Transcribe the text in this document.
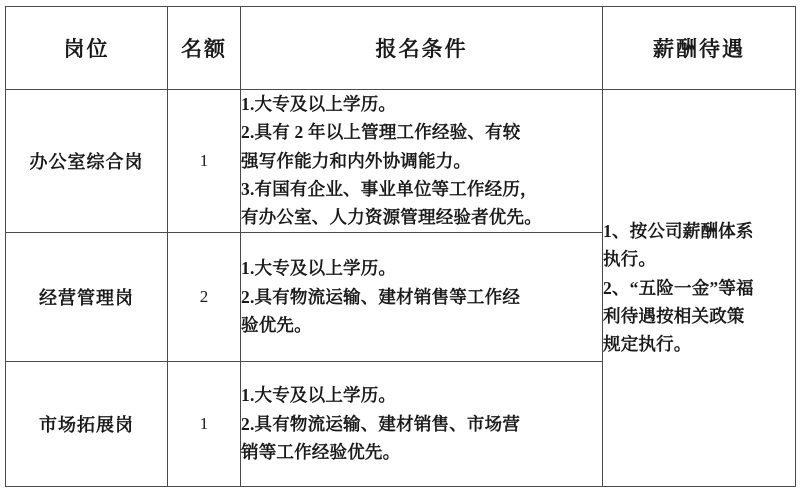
岗位	名额	报名条件	薪酬待遇
办公室综合岗	1	1.大专及以上学历。
2.具有 2 年以上管理工作经验、有较
强写作能力和内外协调能力。
3.有国有企业、事业单位等工作经历，
有办公室、人力资源管理经验者优先。	1、按公司薪酬体系
执行。
2、“五险一金”等福
利待遇按相关政策
规定执行。

经营管理岗	2	1.大专及以上学历。
2.具有物流运输、建材销售等工作经
验优先。	

市场拓展岗	1	1.大专及以上学历。
2.具有物流运输、建材销售、市场营
销等工作经验优先。	
